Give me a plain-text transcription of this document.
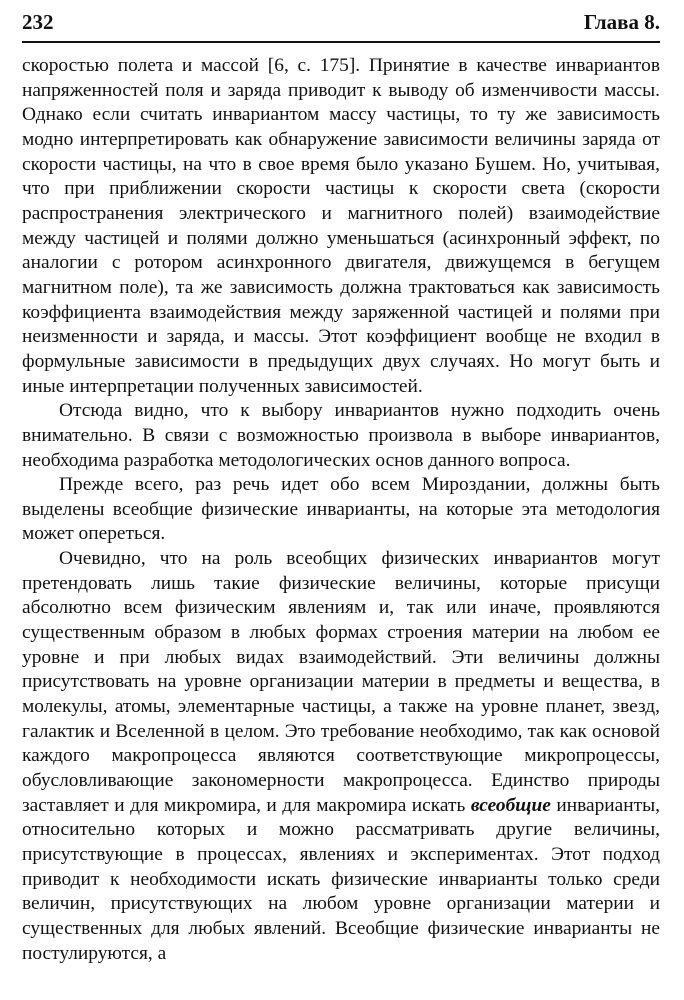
232	Глава 8.

скоростью полета и массой [6, с. 175]. Принятие в качестве инвариантов напряженностей поля и заряда приводит к выводу об изменчивости массы. Однако если считать инвариантом массу частицы, то ту же зависимость модно интерпретировать как обнаружение зависимости величины заряда от скорости частицы, на что в свое время было указано Бушем. Но, учитывая, что при приближении скорости частицы к скорости света (скорости распространения электрического и магнитного полей) взаимодействие между частицей и полями должно уменьшаться (асинхронный эффект, по аналогии с ротором асинхронного двигателя, движущемся в бегущем магнитном поле), та же зависимость должна трактоваться как зависимость коэффициента взаимодействия между заряженной частицей и полями при неизменности и заряда, и массы. Этот коэффициент вообще не входил в формульные зависимости в предыдущих двух случаях. Но могут быть и иные интерпретации полученных зависимостей.

Отсюда видно, что к выбору инвариантов нужно подходить очень внимательно. В связи с возможностью произвола в выборе инвариантов, необходима разработка методологических основ данного вопроса.

Прежде всего, раз речь идет обо всем Мироздании, должны быть выделены всеобщие физические инварианты, на которые эта методология может опереться.

Очевидно, что на роль всеобщих физических инвариантов могут претендовать лишь такие физические величины, которые присущи абсолютно всем физическим явлениям и, так или иначе, проявляются существенным образом в любых формах строения материи на любом ее уровне и при любых видах взаимодействий. Эти величины должны присутствовать на уровне организации материи в предметы и вещества, в молекулы, атомы, элементарные частицы, а также на уровне планет, звезд, галактик и Вселенной в целом. Это требование необходимо, так как основой каждого макропроцесса являются соответствующие микропроцессы, обусловливающие закономерности макропроцесса. Единство природы заставляет и для микромира, и для макромира искать всеобщие инварианты, относительно которых и можно рассматривать другие величины, присутствующие в процессах, явлениях и экспериментах. Этот подход приводит к необходимости искать физические инварианты только среди величин, присутствующих на любом уровне организации материи и существенных для любых явлений. Всеобщие физические инварианты не постулируются, а
